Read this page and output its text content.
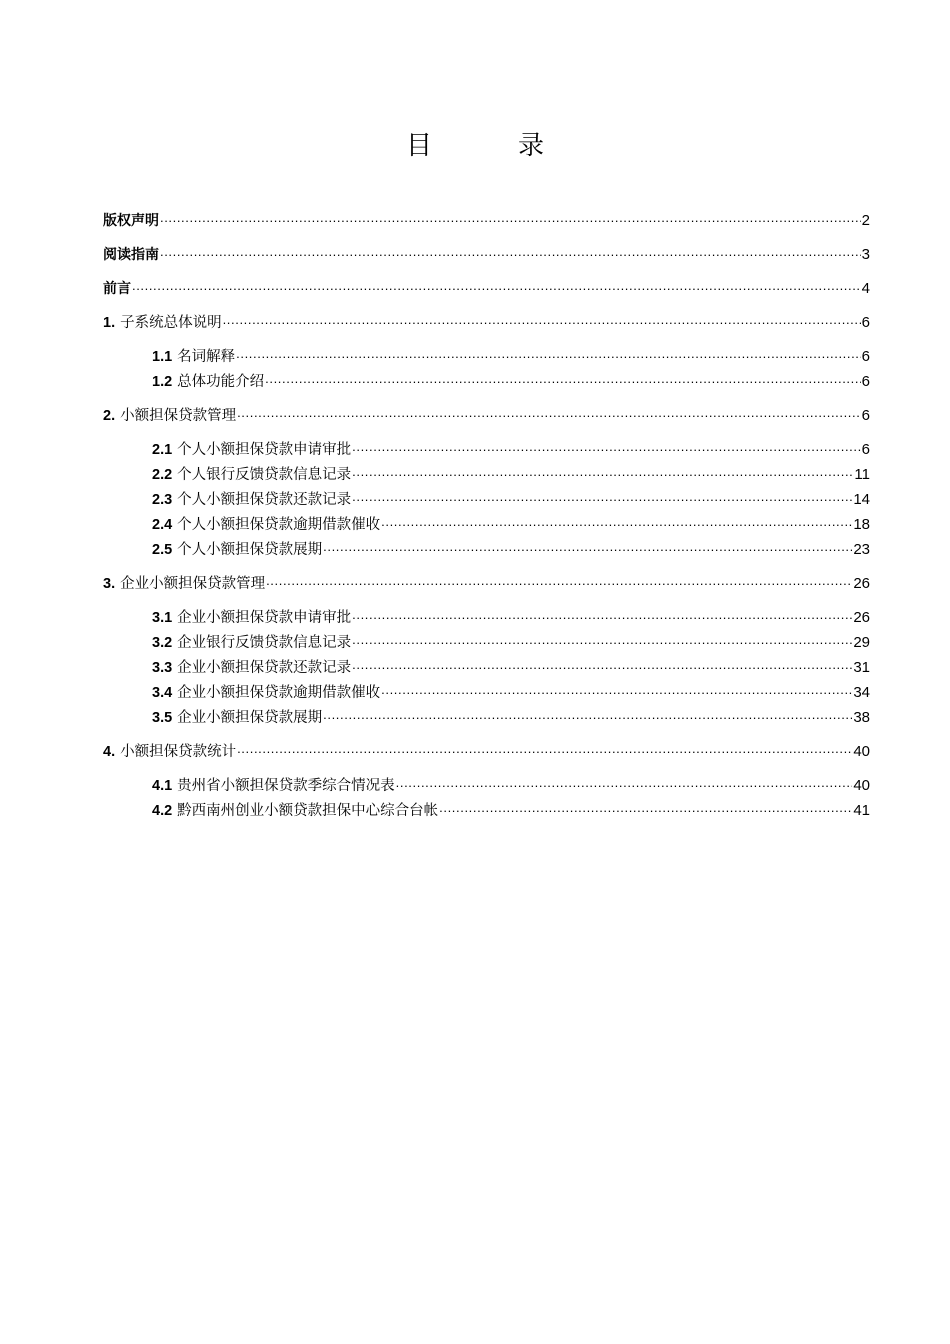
目　录
版权声明 .....	2
阅读指南 .....	3
前言 .....	4
1. 子系统总体说明 .....	6
1.1 名词解释 .....	6
1.2 总体功能介绍 .....	6
2. 小额担保贷款管理 .....	6
2.1 个人小额担保贷款申请审批 .....	6
2.2 个人银行反馈贷款信息记录 .....	11
2.3 个人小额担保贷款还款记录 .....	14
2.4 个人小额担保贷款逾期借款催收 .....	18
2.5 个人小额担保贷款展期 .....	23
3. 企业小额担保贷款管理 .....	26
3.1 企业小额担保贷款申请审批 .....	26
3.2 企业银行反馈贷款信息记录 .....	29
3.3 企业小额担保贷款还款记录 .....	31
3.4 企业小额担保贷款逾期借款催收 .....	34
3.5 企业小额担保贷款展期 .....	38
4. 小额担保贷款统计 .....	40
4.1 贵州省小额担保贷款季综合情况表 .....	40
4.2 黔西南州创业小额贷款担保中心综合台帐 .....	41
